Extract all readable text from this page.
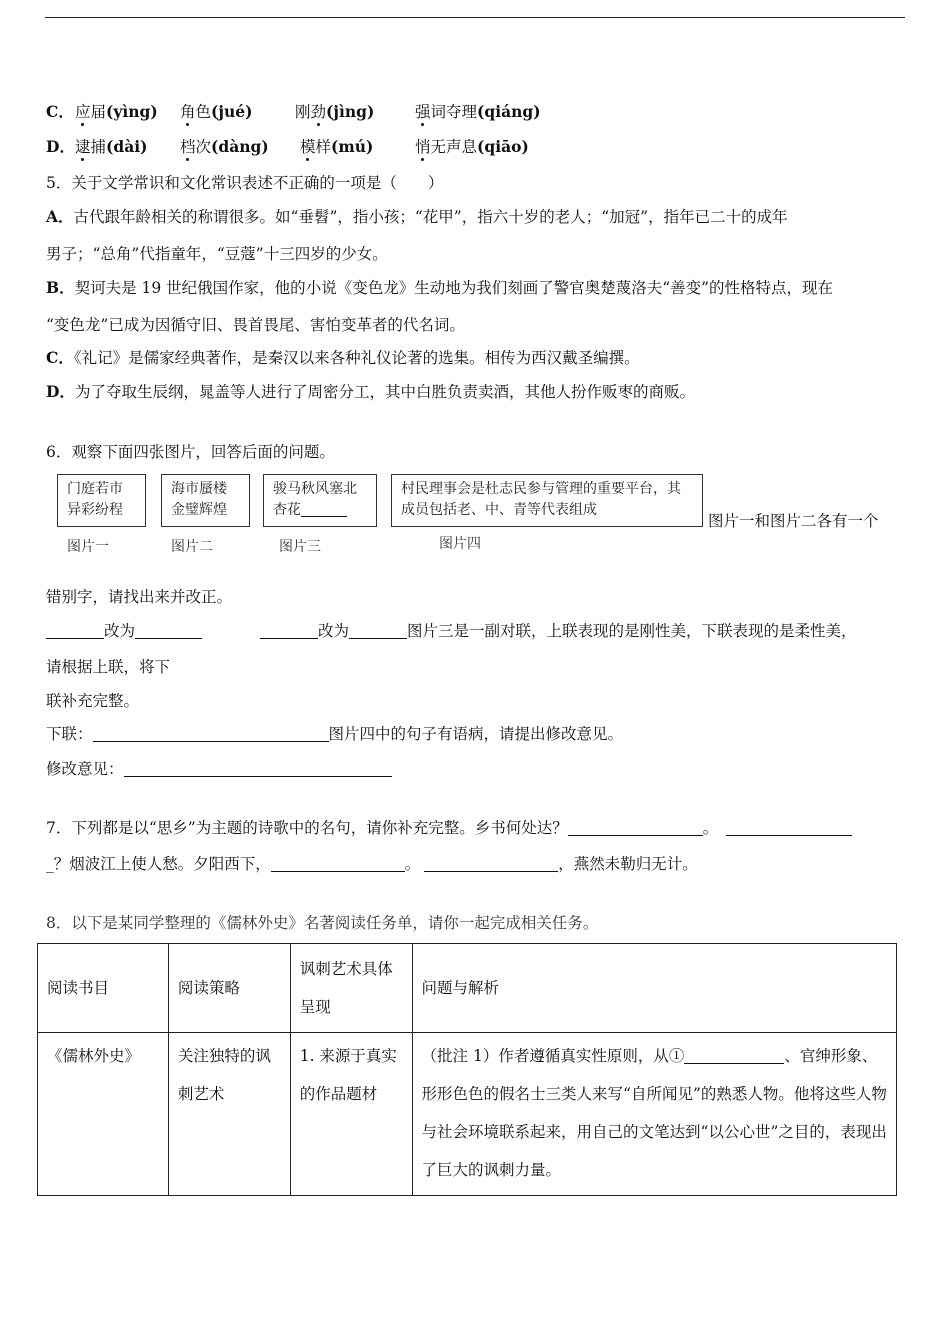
C． 应届(yìng) 角色(jué)	刚劲(jìng)	强词夺理(qiáng)
D． 逮捕(dài) 档次(dàng) 模样(mú)	悄无声息(qiāo)
5．关于文学常识和文化常识表述不正确的一项是（　　）
A．古代跟年龄相关的称谓很多。如“垂髫”，指小孩；“花甲”，指六十岁的老人；“加冠”，指年已二十的成年
男子；“总角”代指童年，“豆蔻”十三四岁的少女。
B．契诃夫是 19 世纪俄国作家，他的小说《变色龙》生动地为我们刻画了警官奥楚蔑洛夫“善变”的性格特点，现在
“变色龙”已成为因循守旧、畏首畏尾、害怕变革者的代名词。
C．《礼记》是儒家经典著作，是秦汉以来各种礼仪论著的选集。相传为西汉戴圣编撰。
D．为了夺取生辰纲，晁盖等人进行了周密分工，其中白胜负责卖酒，其他人扮作贩枣的商贩。
6．观察下面四张图片，回答后面的问题。
门庭若市
异彩纷程
图片一
海市蜃楼
金璧辉煌
图片二
骏马秋风塞北
杏花
图片三
村民理事会是杜志民参与管理的重要平台，其
成员包括老、中、青等代表组成
图片四
图片一和图片二各有一个
错别字，请找出来并改正。
改为	改为	图片三是一副对联，上联表现的是刚性美，下联表现的是柔性美，
请根据上联，将下
联补充完整。
下联：	图片四中的句子有语病，请提出修改意见。
修改意见：
7．下列都是以“思乡”为主题的诗歌中的名句，请你补充完整。乡书何处达？	。
_？烟波江上使人愁。夕阳西下，	。	，燕然未勒归无计。
8．以下是某同学整理的《儒林外史》名著阅读任务单，请你一起完成相关任务。
阅读书目	阅读策略	讽刺艺术具体呈现	问题与解析
《儒林外史》	关注独特的讽刺艺术	1. 来源于真实的作品题材	（批注 1）作者遵循真实性原则，从① 、官绅形象、形形色色的假名士三类人来写“自所闻见”的熟悉人物。他将这些人物与社会环境联系起来，用自己的文笔达到“以公心世”之目的，表现出了巨大的讽刺力量。
